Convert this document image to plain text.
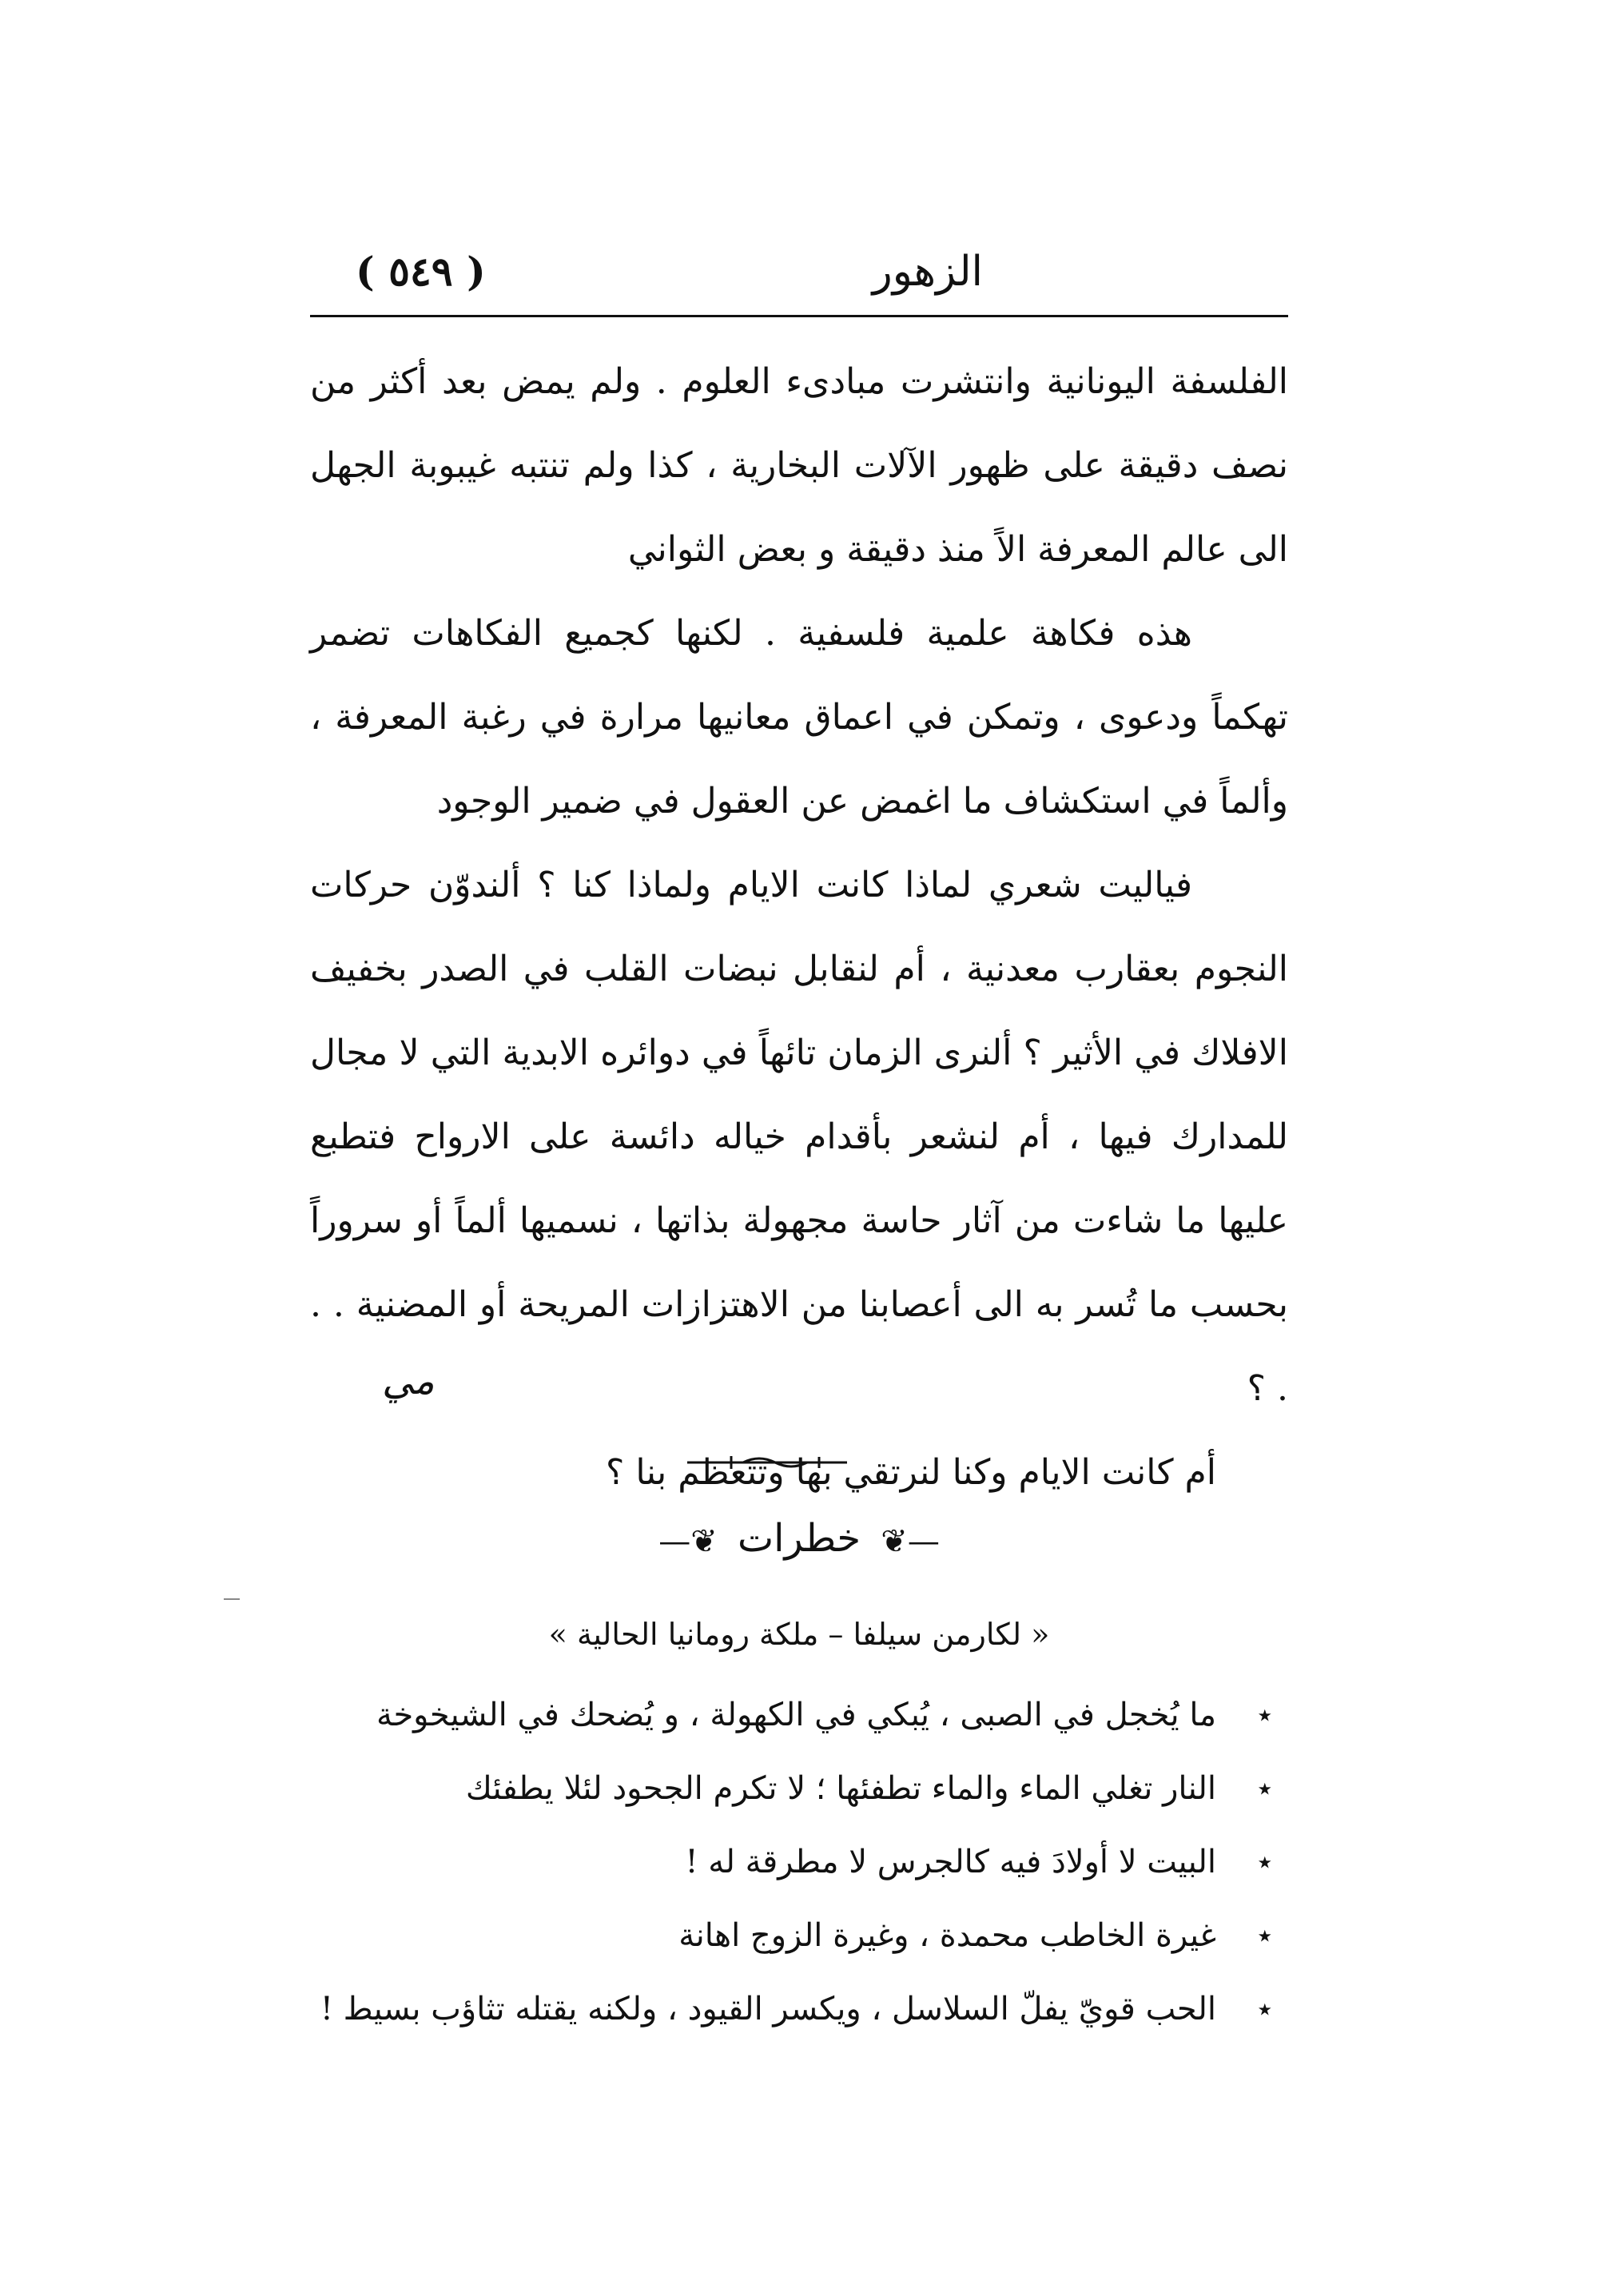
الزهور
( ٥٤٩ )

الفلسفة اليونانية وانتشرت مبادىء العلوم . ولم يمض بعد أكثر من نصف دقيقة على ظهور الآلات البخارية ، كذا ولم تنتبه غيبوبة الجهل الى عالم المعرفة الاً منذ دقيقة و بعض الثواني

هذه فكاهة علمية فلسفية . لكنها كجميع الفكاهات تضمر تهكماً ودعوى ، وتمكن في اعماق معانيها مرارة في رغبة المعرفة ، وألماً في استكشاف ما اغمض عن العقول في ضمير الوجود

فياليت شعري لماذا كانت الايام ولماذا كنا ؟ ألندوّن حركات النجوم بعقارب معدنية ، أم لنقابل نبضات القلب في الصدر بخفيف الافلاك في الأثير ؟ ألنرى الزمان تائهاً في دوائره الابدية التي لا مجال للمدارك فيها ، أم لنشعر بأقدام خياله دائسة على الارواح فتطبع عليها ما شاءت من آثار حاسة مجهولة بذاتها ، نسميها ألماً أو سروراً بحسب ما تُسر به الى أعصابنا من الاهتزازات المريحة أو المضنية . . . ؟

أم كانت الايام وكنا لنرتقي بها وتتعظم بنا ؟
مي
—❦ خطرات ❦—
« لكارمن سيلفا – ملكة رومانيا الحالية »
٭
ما يُخجل في الصبى ، يُبكي في الكهولة ، و يُضحك في الشيخوخة
٭
النار تغلي الماء والماء تطفئها ؛ لا تكرم الجحود لئلا يطفئك
٭
البيت لا أولادَ فيه كالجرس لا مطرقة له !
٭
غيرة الخاطب محمدة ، وغيرة الزوج اهانة
٭
الحب قويّ يفلّ السلاسل ، ويكسر القيود ، ولكنه يقتله تثاؤب بسيط !
